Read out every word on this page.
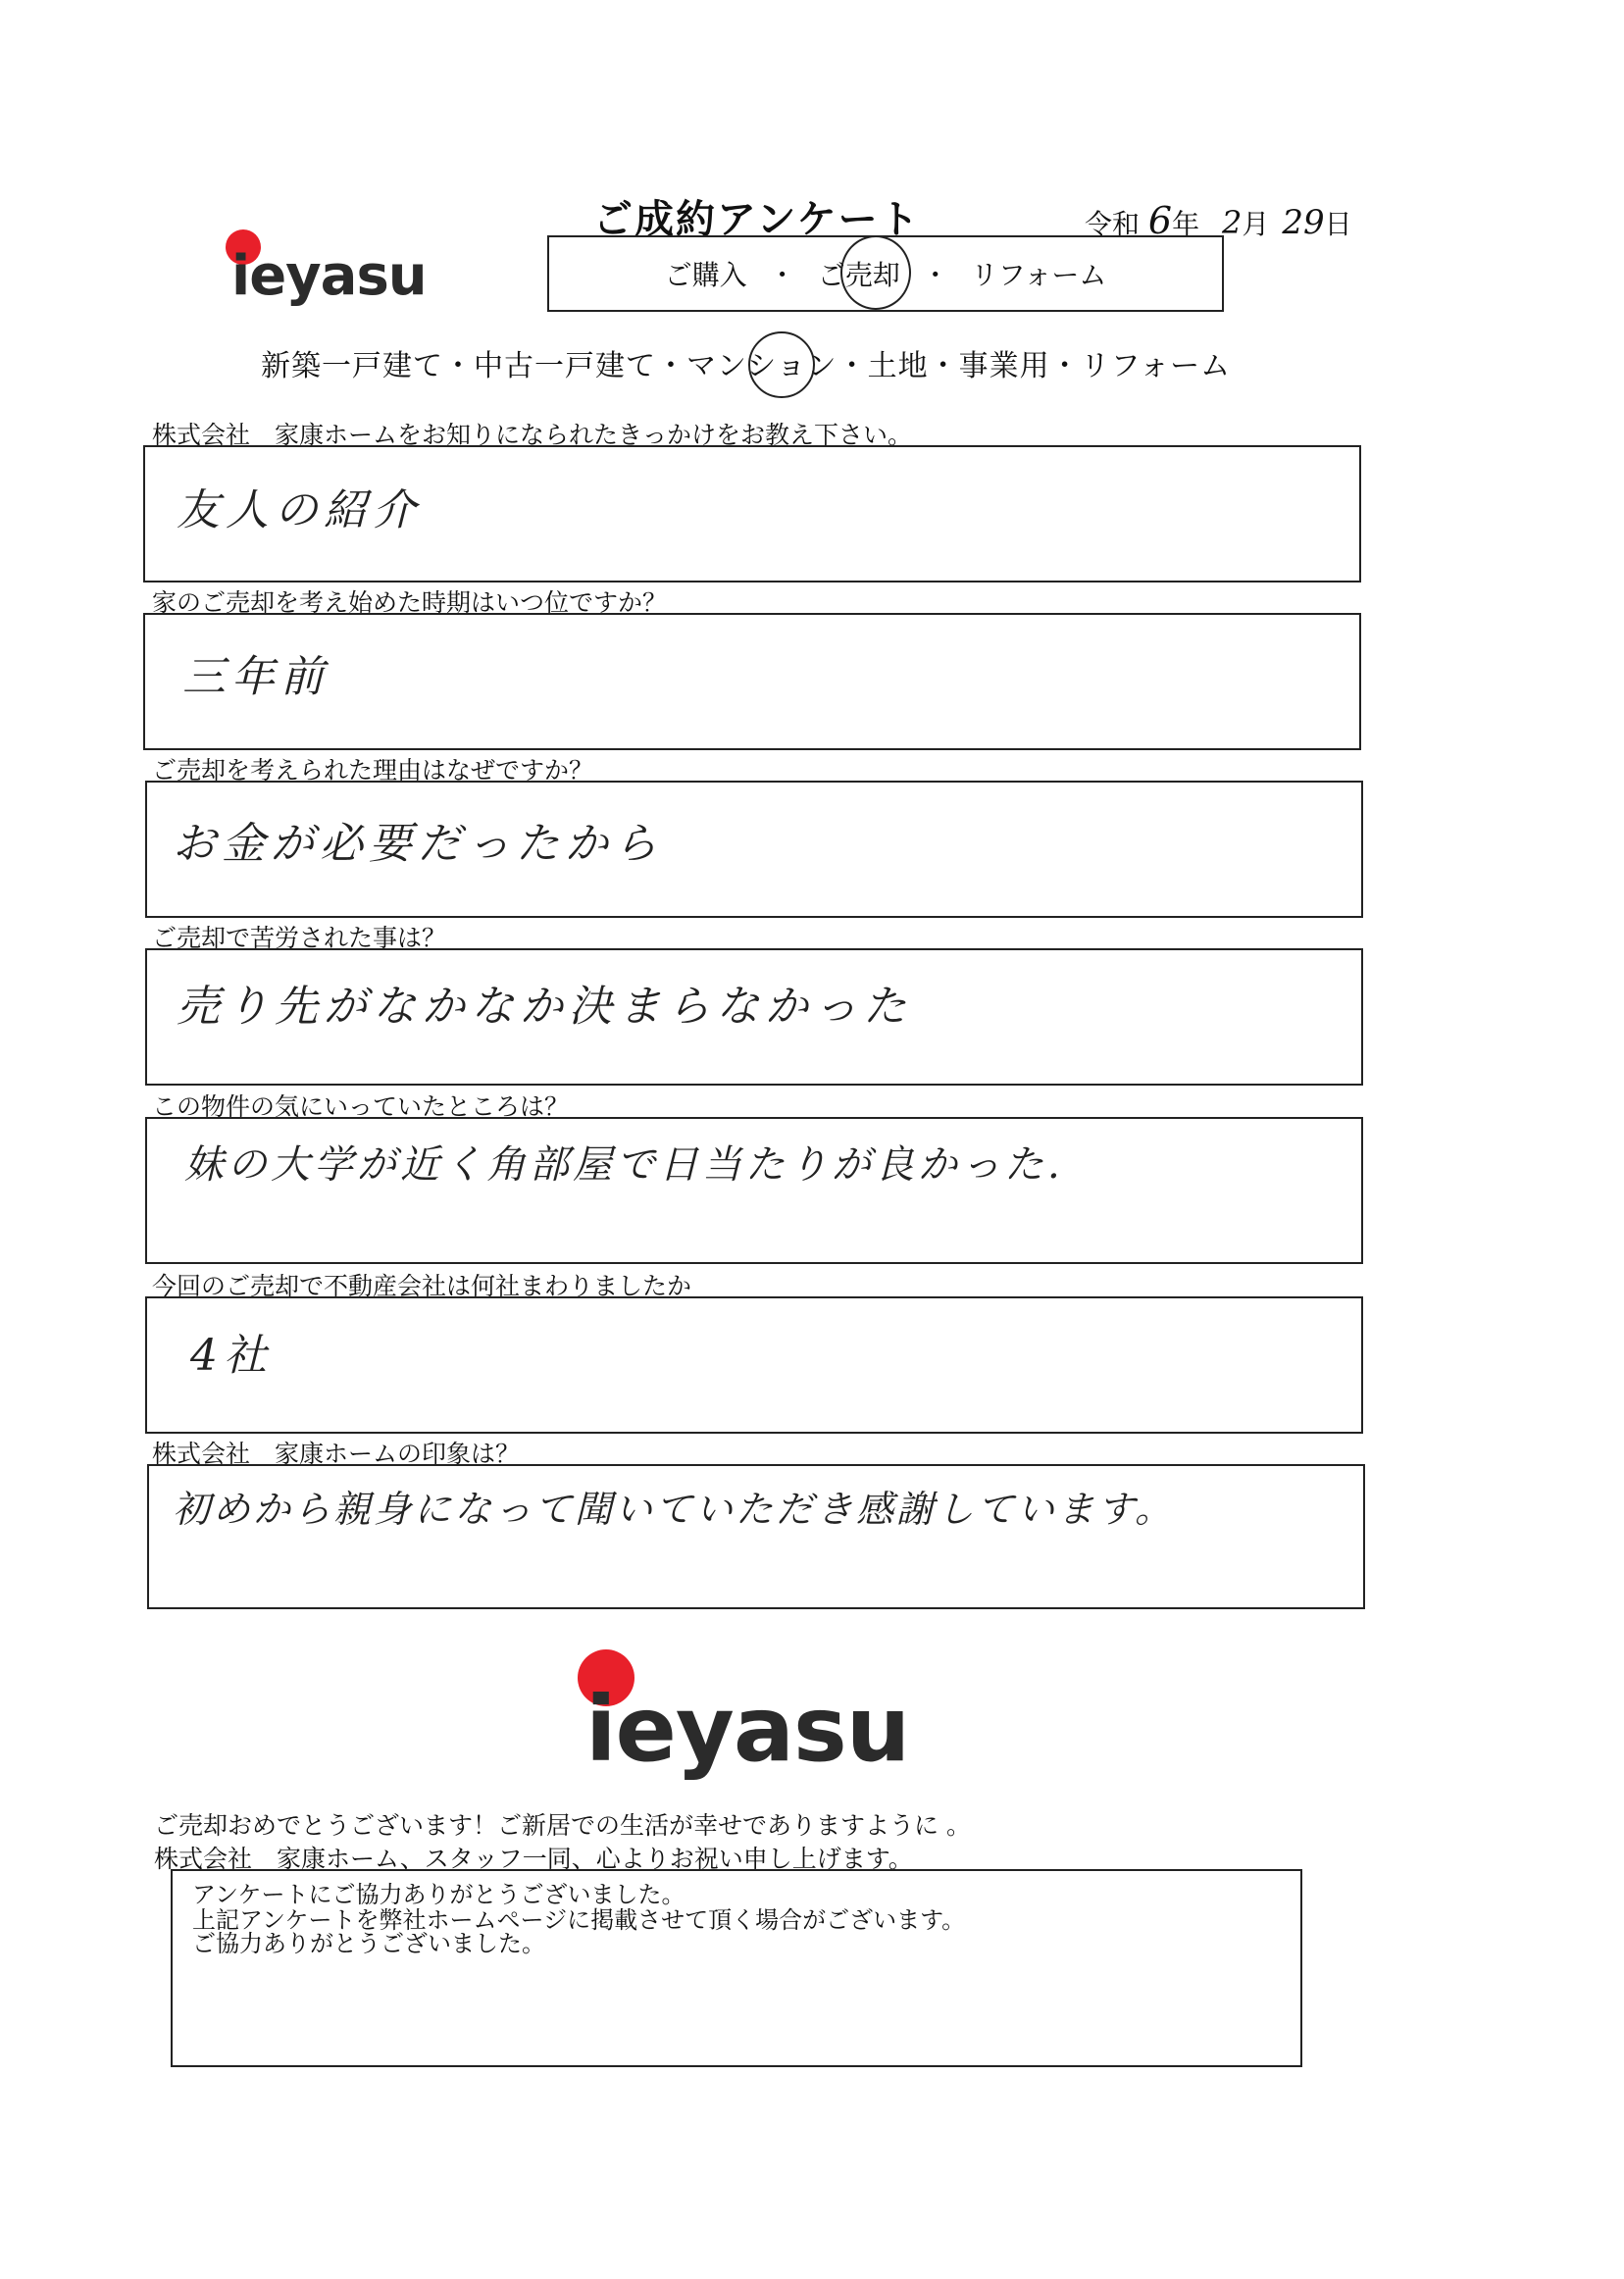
ieyasu
ご成約アンケート	令和 6年 2月 29日
ご購入 ・ ご売却 ・ リフォーム
新築一戸建て・中古一戸建て・マンション・土地・事業用・リフォーム
株式会社　家康ホームをお知りになられたきっかけをお教え下さい。
友人の紹介
家のご売却を考え始めた時期はいつ位ですか？
三年前
ご売却を考えられた理由はなぜですか？
お金が必要だったから
ご売却で苦労された事は？
売り先がなかなか決まらなかった
この物件の気にいっていたところは？
妹の大学が近く角部屋で日当たりが良かった.
今回のご売却で不動産会社は何社まわりましたか
4社
株式会社　家康ホームの印象は？
初めから親身になって聞いていただき感謝しています。
ieyasu
ご売却おめでとうございます！ご新居での生活が幸せでありますように 。
株式会社　家康ホーム、スタッフ一同、心よりお祝い申し上げます。
アンケートにご協力ありがとうございました。
上記アンケートを弊社ホームページに掲載させて頂く場合がございます。
ご協力ありがとうございました。
